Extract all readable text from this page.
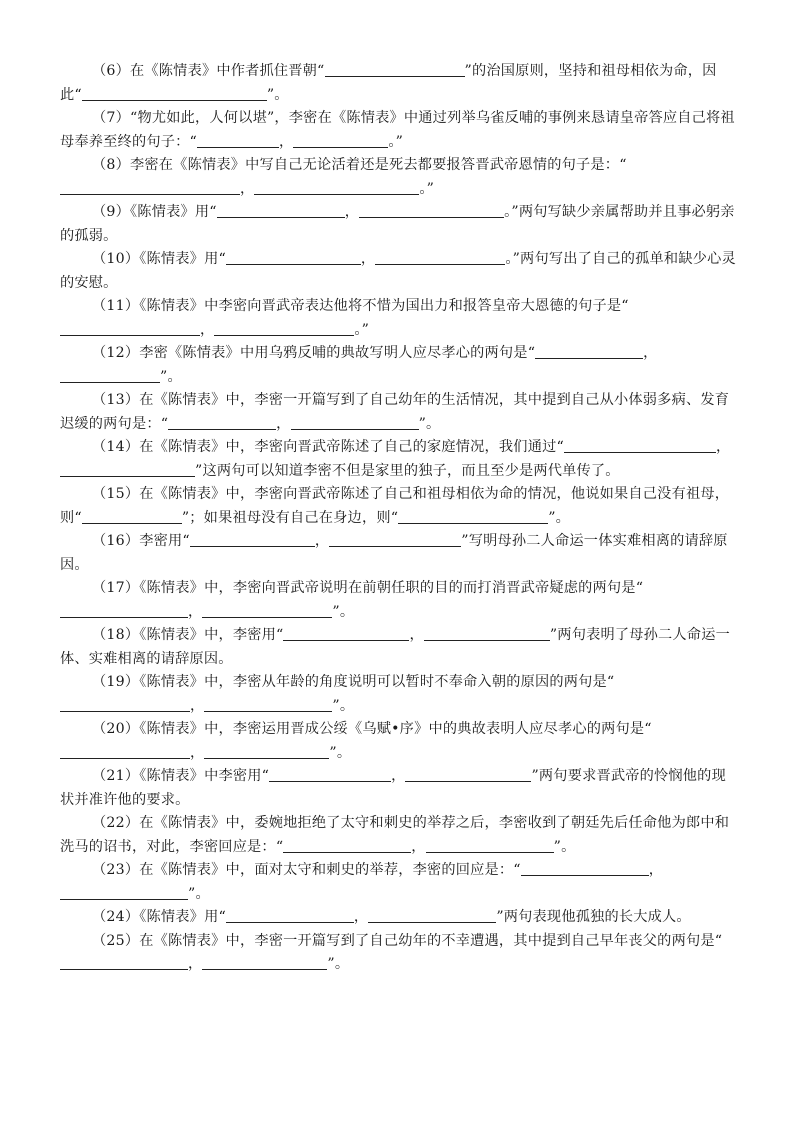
（6）在《陈情表》中作者抓住晋朝“	”的治国原则，坚持和祖母相依为命，因此“	”。

（7）“物尤如此，人何以堪”，李密在《陈情表》中通过列举乌雀反哺的事例来恳请皇帝答应自己将祖母奉养至终的句子：“	，	。”

（8）李密在《陈情表》中写自己无论活着还是死去都要报答晋武帝恩情的句子是：“，	。”

（9）《陈情表》用“	，	。”两句写缺少亲属帮助并且事必躬亲的孤弱。

（10）《陈情表》用“	，	。”两句写出了自己的孤单和缺少心灵的安慰。

（11）《陈情表》中李密向晋武帝表达他将不惜为国出力和报答皇帝大恩德的句子是“，	。”

（12）李密《陈情表》中用乌鸦反哺的典故写明人应尽孝心的两句是“	，”。

（13）在《陈情表》中，李密一开篇写到了自己幼年的生活情况，其中提到自己从小体弱多病、发育迟缓的两句是：“	，	”。

（14）在《陈情表》中，李密向晋武帝陈述了自己的家庭情况，我们通过“	，”这两句可以知道李密不但是家里的独子，而且至少是两代单传了。

（15）在《陈情表》中，李密向晋武帝陈述了自己和祖母相依为命的情况，他说如果自己没有祖母，则“	”；如果祖母没有自己在身边，则“	”。

（16）李密用“	，	”写明母孙二人命运一体实难相离的请辞原因。

（17）《陈情表》中，李密向晋武帝说明在前朝任职的目的而打消晋武帝疑虑的两句是“，	”。

（18）《陈情表》中，李密用“	，	”两句表明了母孙二人命运一体、实难相离的请辞原因。

（19）《陈情表》中，李密从年龄的角度说明可以暂时不奉命入朝的原因的两句是“，	”。

（20）《陈情表》中，李密运用晋成公绥《乌赋•序》中的典故表明人应尽孝心的两句是“，	”。

（21）《陈情表》中李密用“	，	”两句要求晋武帝的怜悯他的现状并准许他的要求。

（22）在《陈情表》中，委婉地拒绝了太守和刺史的举荐之后，李密收到了朝廷先后任命他为郎中和洗马的诏书，对此，李密回应是：“	，	”。

（23）在《陈情表》中，面对太守和刺史的举荐，李密的回应是：“	，”。

（24）《陈情表》用“	，	”两句表现他孤独的长大成人。

（25）在《陈情表》中，李密一开篇写到了自己幼年的不幸遭遇，其中提到自己早年丧父的两句是“，	”。
